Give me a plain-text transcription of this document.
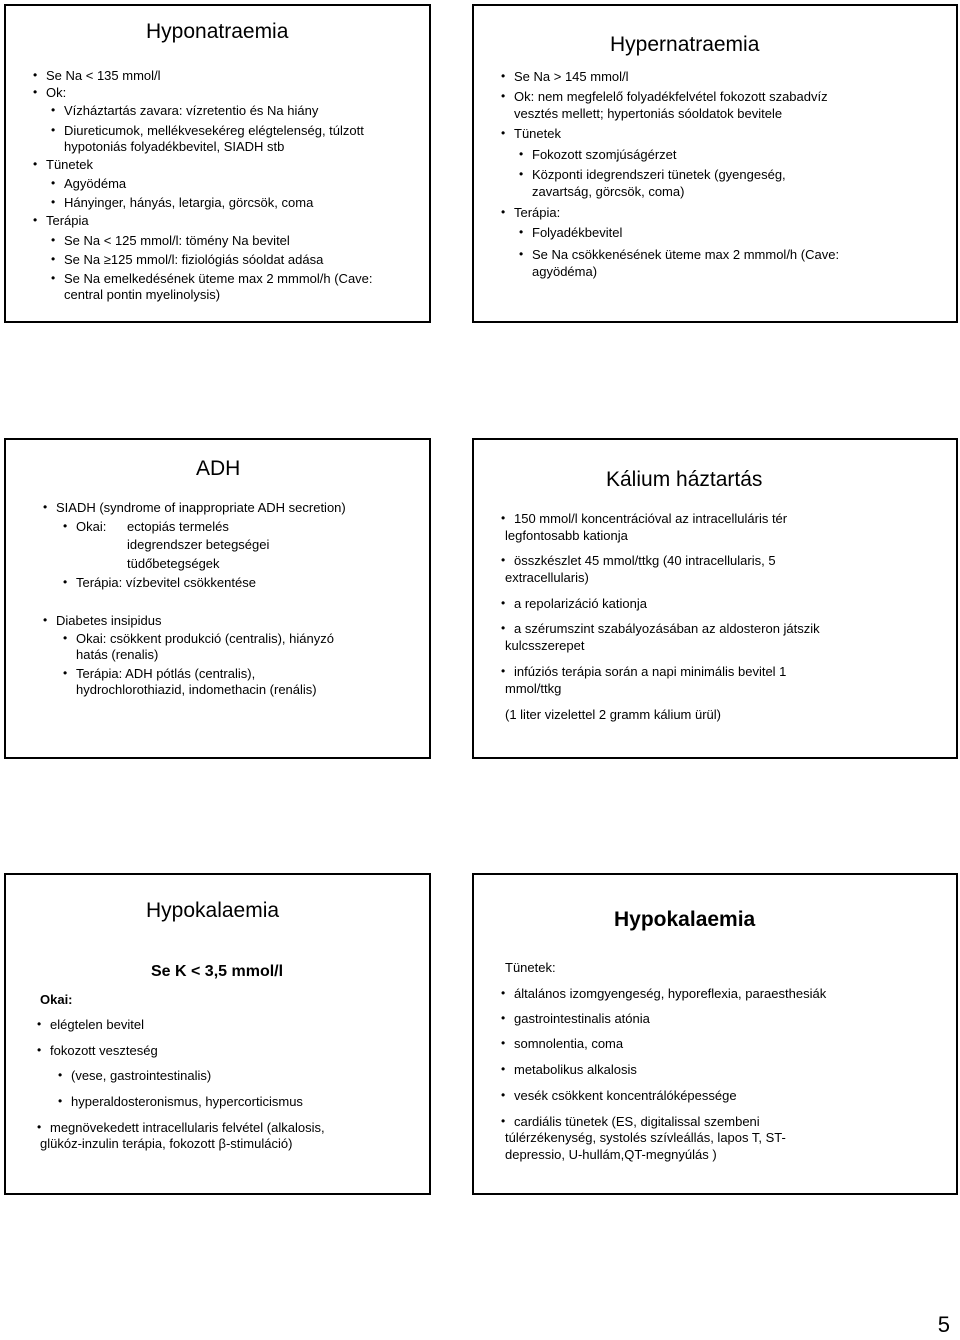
Hyponatraemia
• Se Na < 135 mmol/l
• Ok:
• Vízháztartás zavara: vízretentio és Na hiány
• Diureticumok, mellékvesekéreg elégtelenség, túlzott
hypotoniás folyadékbevitel, SIADH stb
• Tünetek
• Agyödéma
• Hányinger, hányás, letargia, görcsök, coma
• Terápia
• Se Na < 125 mmol/l: tömény Na bevitel
• Se Na ≥125 mmol/l: fiziológiás sóoldat adása
• Se Na emelkedésének üteme max 2 mmmol/h (Cave:
central pontin myelinolysis)
Hypernatraemia
• Se Na > 145 mmol/l
• Ok: nem megfelelő folyadékfelvétel fokozott szabadvíz
vesztés mellett; hypertoniás sóoldatok bevitele
• Tünetek
• Fokozott szomjúságérzet
• Központi idegrendszeri tünetek (gyengeség,
zavartság, görcsök, coma)
• Terápia:
• Folyadékbevitel
• Se Na csökkenésének üteme max 2 mmmol/h (Cave:
agyödéma)
ADH
• SIADH (syndrome of inappropriate ADH secretion)
• Okai: ectopiás termelés
idegrendszer betegségei
tüdőbetegségek
• Terápia: vízbevitel csökkentése
• Diabetes insipidus
• Okai: csökkent produkció (centralis), hiányzó
hatás (renalis)
• Terápia: ADH pótlás (centralis),
hydrochlorothiazid, indomethacin (renális)
Kálium háztartás
• 150 mmol/l koncentrációval az intracelluláris tér
legfontosabb kationja
• összkészlet 45 mmol/ttkg (40 intracellularis, 5
extracellularis)
• a repolarizáció kationja
• a szérumszint szabályozásában az aldosteron játszik
kulcsszerepet
• infúziós terápia során a napi minimális bevitel 1
mmol/ttkg
(1 liter vizelettel 2 gramm kálium ürül)
Hypokalaemia
Se K < 3,5 mmol/l
Okai:
• elégtelen bevitel
• fokozott veszteség
• (vese, gastrointestinalis)
• hyperaldosteronismus, hypercorticismus
• megnövekedett intracellularis felvétel (alkalosis,
glükóz-inzulin terápia, fokozott β-stimuláció)
Hypokalaemia
Tünetek:
• általános izomgyengeség, hyporeflexia, paraesthesiák
• gastrointestinalis atónia
• somnolentia, coma
• metabolikus alkalosis
• vesék csökkent koncentrálóképessége
• cardiális tünetek (ES, digitalissal szembeni
túlérzékenység, systolés szívleállás, lapos T, ST-
depressio, U-hullám,QT-megnyúlás )
5
